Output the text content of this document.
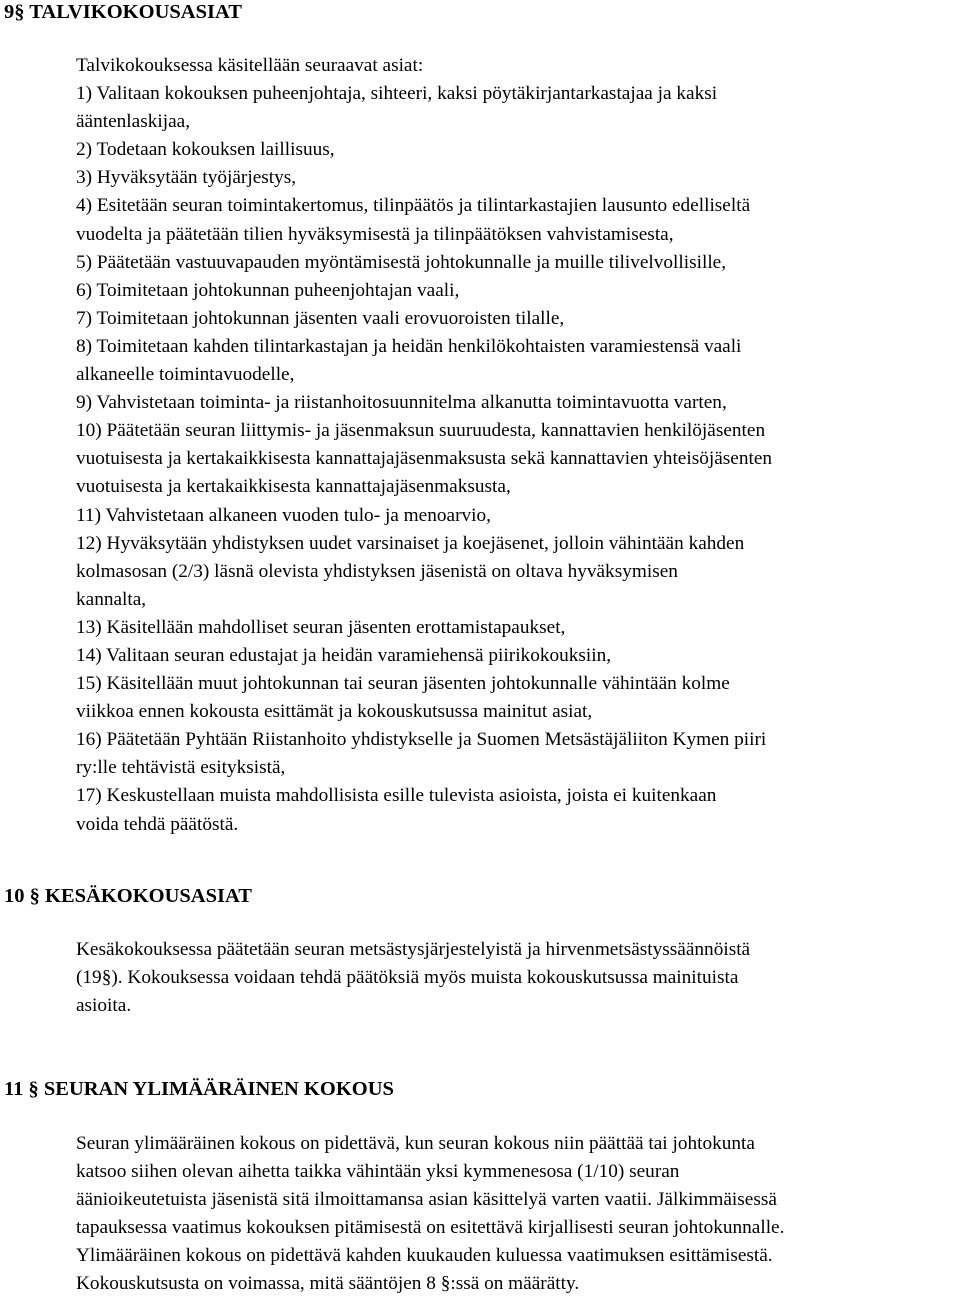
9§ TALVIKOKOUSASIAT
Talvikokouksessa käsitellään seuraavat asiat:
1) Valitaan kokouksen puheenjohtaja, sihteeri, kaksi pöytäkirjantarkastajaa ja kaksi
ääntenlaskijaa,
2) Todetaan kokouksen laillisuus,
3) Hyväksytään työjärjestys,
4) Esitetään seuran toimintakertomus, tilinpäätös ja tilintarkastajien lausunto edelliseltä
vuodelta ja päätetään tilien hyväksymisestä ja tilinpäätöksen vahvistamisesta,
5) Päätetään vastuuvapauden myöntämisestä johtokunnalle ja muille tilivelvollisille,
6) Toimitetaan johtokunnan puheenjohtajan vaali,
7) Toimitetaan johtokunnan jäsenten vaali erovuoroisten tilalle,
8) Toimitetaan kahden tilintarkastajan ja heidän henkilökohtaisten varamiestensä vaali
alkaneelle toimintavuodelle,
9) Vahvistetaan toiminta- ja riistanhoitosuunnitelma alkanutta toimintavuotta varten,
10) Päätetään seuran liittymis- ja jäsenmaksun suuruudesta, kannattavien henkilöjäsenten
vuotuisesta ja kertakaikkisesta kannattajajäsenmaksusta sekä kannattavien yhteisöjäsenten
vuotuisesta ja kertakaikkisesta kannattajajäsenmaksusta,
11) Vahvistetaan alkaneen vuoden tulo- ja menoarvio,
12) Hyväksytään yhdistyksen uudet varsinaiset ja koejäsenet, jolloin vähintään kahden
kolmasosan (2/3) läsnä olevista yhdistyksen jäsenistä on oltava hyväksymisen
kannalta,
13) Käsitellään mahdolliset seuran jäsenten erottamistapaukset,
14) Valitaan seuran edustajat ja heidän varamiehensä piirikokouksiin,
15) Käsitellään muut johtokunnan tai seuran jäsenten johtokunnalle vähintään kolme
viikkoa ennen kokousta esittämät ja kokouskutsussa mainitut asiat,
16) Päätetään Pyhtään Riistanhoito yhdistykselle ja Suomen Metsästäjäliiton Kymen piiri
ry:lle tehtävistä esityksistä,
17) Keskustellaan muista mahdollisista esille tulevista asioista, joista ei kuitenkaan
voida tehdä päätöstä.
10 § KESÄKOKOUSASIAT
Kesäkokouksessa päätetään seuran metsästysjärjestelyistä ja hirvenmetsästyssäännöistä
(19§). Kokouksessa voidaan tehdä päätöksiä myös muista kokouskutsussa mainituista
asioita.
11 § SEURAN YLIMÄÄRÄINEN KOKOUS
Seuran ylimääräinen kokous on pidettävä, kun seuran kokous niin päättää tai johtokunta
katsoo siihen olevan aihetta taikka vähintään yksi kymmenesosa (1/10) seuran
äänioikeutetuista jäsenistä sitä ilmoittamansa asian käsittelyä varten vaatii. Jälkimmäisessä
tapauksessa vaatimus kokouksen pitämisestä on esitettävä kirjallisesti seuran johtokunnalle.
Ylimääräinen kokous on pidettävä kahden kuukauden kuluessa vaatimuksen esittämisestä.
Kokouskutsusta on voimassa, mitä sääntöjen 8 §:ssä on määrätty.
